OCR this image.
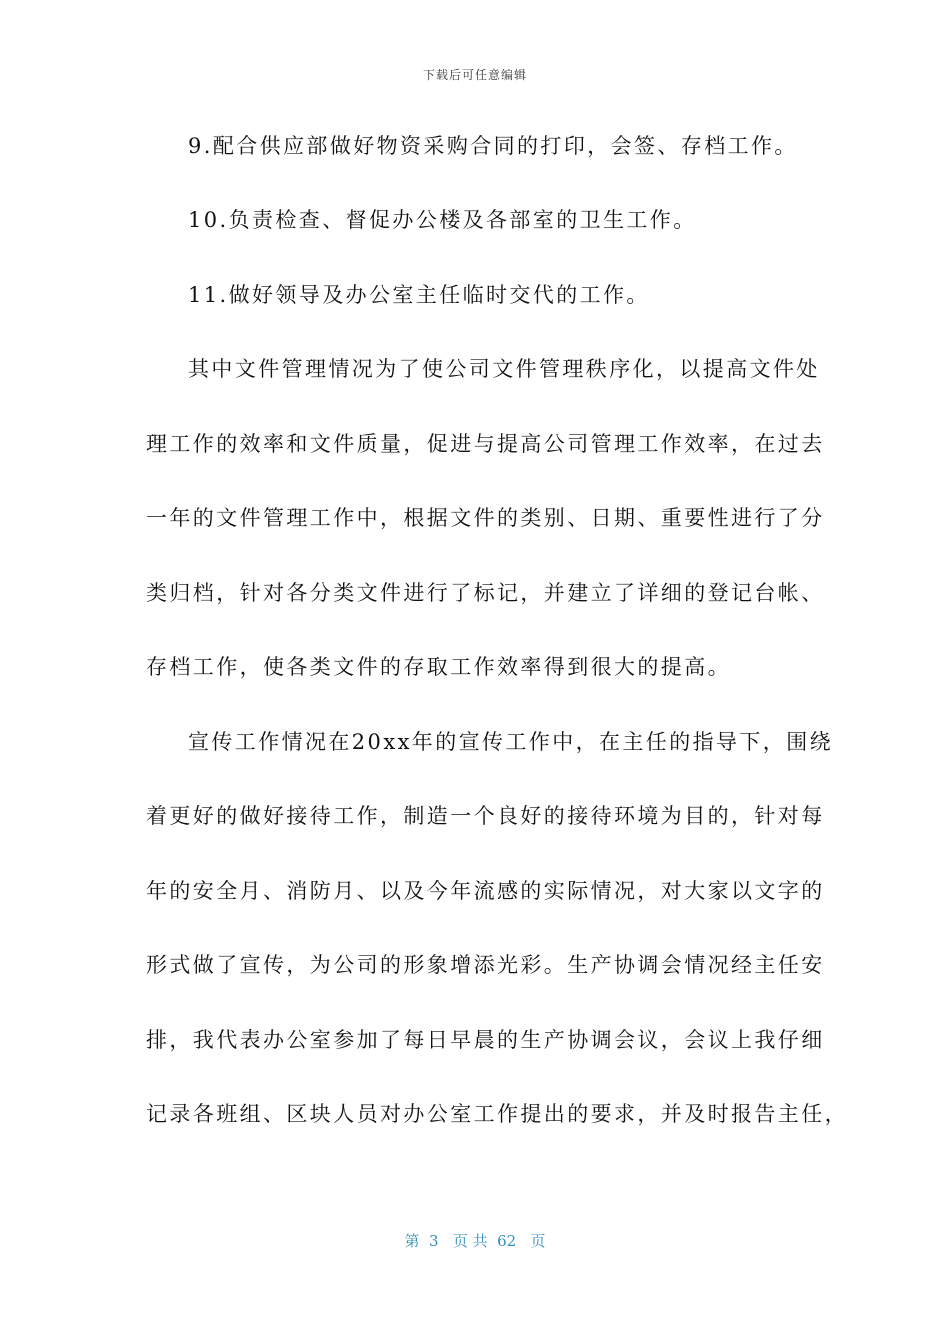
下载后可任意编辑
9.配合供应部做好物资采购合同的打印，会签、存档工作。
10.负责检查、督促办公楼及各部室的卫生工作。
11.做好领导及办公室主任临时交代的工作。
其中文件管理情况为了使公司文件管理秩序化，以提高文件处
理工作的效率和文件质量，促进与提高公司管理工作效率，在过去
一年的文件管理工作中，根据文件的类别、日期、重要性进行了分
类归档，针对各分类文件进行了标记，并建立了详细的登记台帐、
存档工作，使各类文件的存取工作效率得到很大的提高。
宣传工作情况在20xx年的宣传工作中，在主任的指导下，围绕
着更好的做好接待工作，制造一个良好的接待环境为目的，针对每
年的安全月、消防月、以及今年流感的实际情况，对大家以文字的
形式做了宣传，为公司的形象增添光彩。生产协调会情况经主任安
排，我代表办公室参加了每日早晨的生产协调会议，会议上我仔细
记录各班组、区块人员对办公室工作提出的要求，并及时报告主任，
第  3   页 共  62   页
